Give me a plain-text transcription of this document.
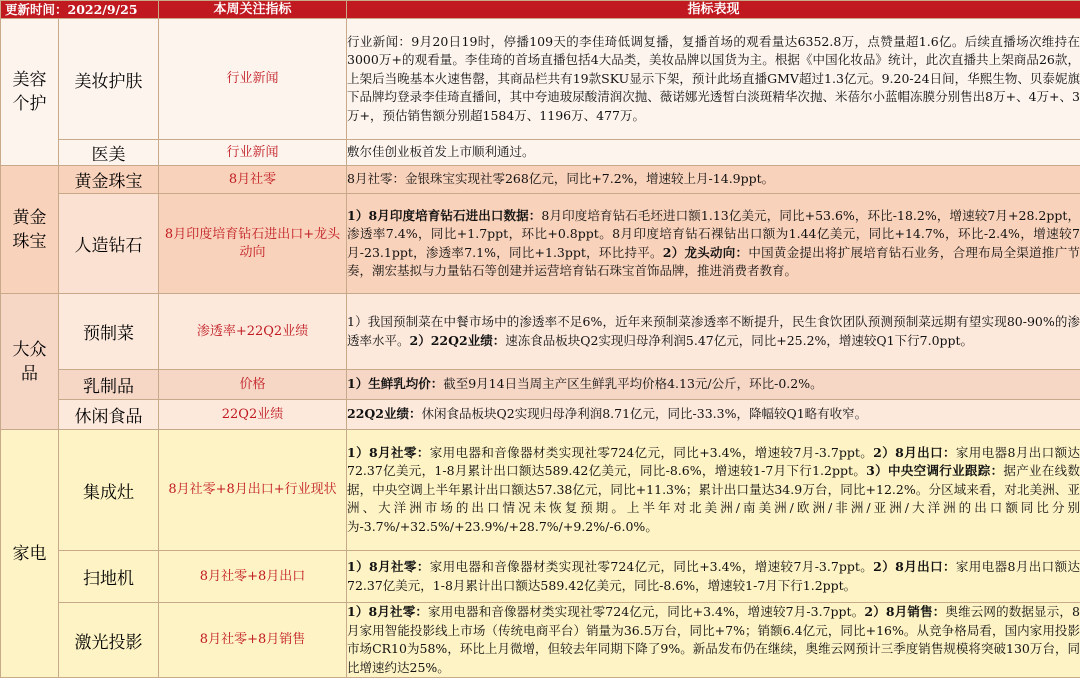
更新时间：2022/9/25		本周关注指标	指标表现

美容个护	美妆护肤	行业新闻	行业新闻：9月20日19时，停播109天的李佳琦低调复播，复播首场的观看量达6352.8万，点赞量超1.6亿。后续直播场次维持在3000万+的观看量。李佳琦的首场直播包括4大品类，美妆品牌以国货为主。根据《中国化妆品》统计，此次直播共上架商品26款，上架后当晚基本火速售罄，其商品栏共有19款SKU显示下架，预计此场直播GMV超过1.3亿元。9.20-24日间，华熙生物、贝泰妮旗下品牌均登录李佳琦直播间，其中夸迪玻尿酸清润次抛、薇诺娜光透皙白淡斑精华次抛、米蓓尔小蓝帽冻膜分别售出8万+、4万+、3万+，预估销售额分别超1584万、1196万、477万。
	医美	行业新闻	敷尔佳创业板首发上市顺利通过。

黄金珠宝	黄金珠宝	8月社零	8月社零：金银珠宝实现社零268亿元，同比+7.2%，增速较上月-14.9ppt。
	人造钻石	8月印度培育钻石进出口+龙头动向	1）8月印度培育钻石进出口数据：8月印度培育钻石毛坯进口额1.13亿美元，同比+53.6%，环比-18.2%，增速较7月+28.2ppt，渗透率7.4%，同比+1.7ppt，环比+0.8ppt。8月印度培育钻石裸钻出口额为1.44亿美元，同比+14.7%，环比-2.4%，增速较7月-23.1ppt，渗透率7.1%，同比+1.3ppt，环比持平。2）龙头动向：中国黄金提出将扩展培育钻石业务，合理布局全渠道推广节奏，潮宏基拟与力量钻石等创建并运营培育钻石珠宝首饰品牌，推进消费者教育。

大众品	预制菜	渗透率+22Q2业绩	1）我国预制菜在中餐市场中的渗透率不足6%，近年来预制菜渗透率不断提升，民生食饮团队预测预制菜远期有望实现80-90%的渗透率水平。2）22Q2业绩：速冻食品板块Q2实现归母净利润5.47亿元，同比+25.2%，增速较Q1下行7.0ppt。
	乳制品	价格	1）生鲜乳均价：截至9月14日当周主产区生鲜乳平均价格4.13元/公斤，环比-0.2%。
	休闲食品	22Q2业绩	22Q2业绩：休闲食品板块Q2实现归母净利润8.71亿元，同比-33.3%，降幅较Q1略有收窄。

家电	集成灶	8月社零+8月出口+行业现状	1）8月社零：家用电器和音像器材类实现社零724亿元，同比+3.4%，增速较7月-3.7ppt。2）8月出口：家用电器8月出口额达72.37亿美元，1-8月累计出口额达589.42亿美元，同比-8.6%，增速较1-7月下行1.2ppt。3）中央空调行业跟踪：据产业在线数据，中央空调上半年累计出口额达57.38亿元，同比+11.3%；累计出口量达34.9万台，同比+12.2%。分区域来看，对北美洲、亚洲、大洋洲市场的出口情况未恢复预期。上半年对北美洲/南美洲/欧洲/非洲/亚洲/大洋洲的出口额同比分别为-3.7%/+32.5%/+23.9%/+28.7%/+9.2%/-6.0%。
	扫地机	8月社零+8月出口	1）8月社零：家用电器和音像器材类实现社零724亿元，同比+3.4%，增速较7月-3.7ppt。2）8月出口：家用电器8月出口额达72.37亿美元，1-8月累计出口额达589.42亿美元，同比-8.6%，增速较1-7月下行1.2ppt。
	激光投影	8月社零+8月销售	1）8月社零：家用电器和音像器材类实现社零724亿元，同比+3.4%，增速较7月-3.7ppt。2）8月销售：奥维云网的数据显示，8月家用智能投影线上市场（传统电商平台）销量为36.5万台，同比+7%；销额6.4亿元，同比+16%。从竞争格局看，国内家用投影市场CR10为58%，环比上月微增，但较去年同期下降了9%。新品发布仍在继续，奥维云网预计三季度销售规模将突破130万台，同比增速约达25%。
